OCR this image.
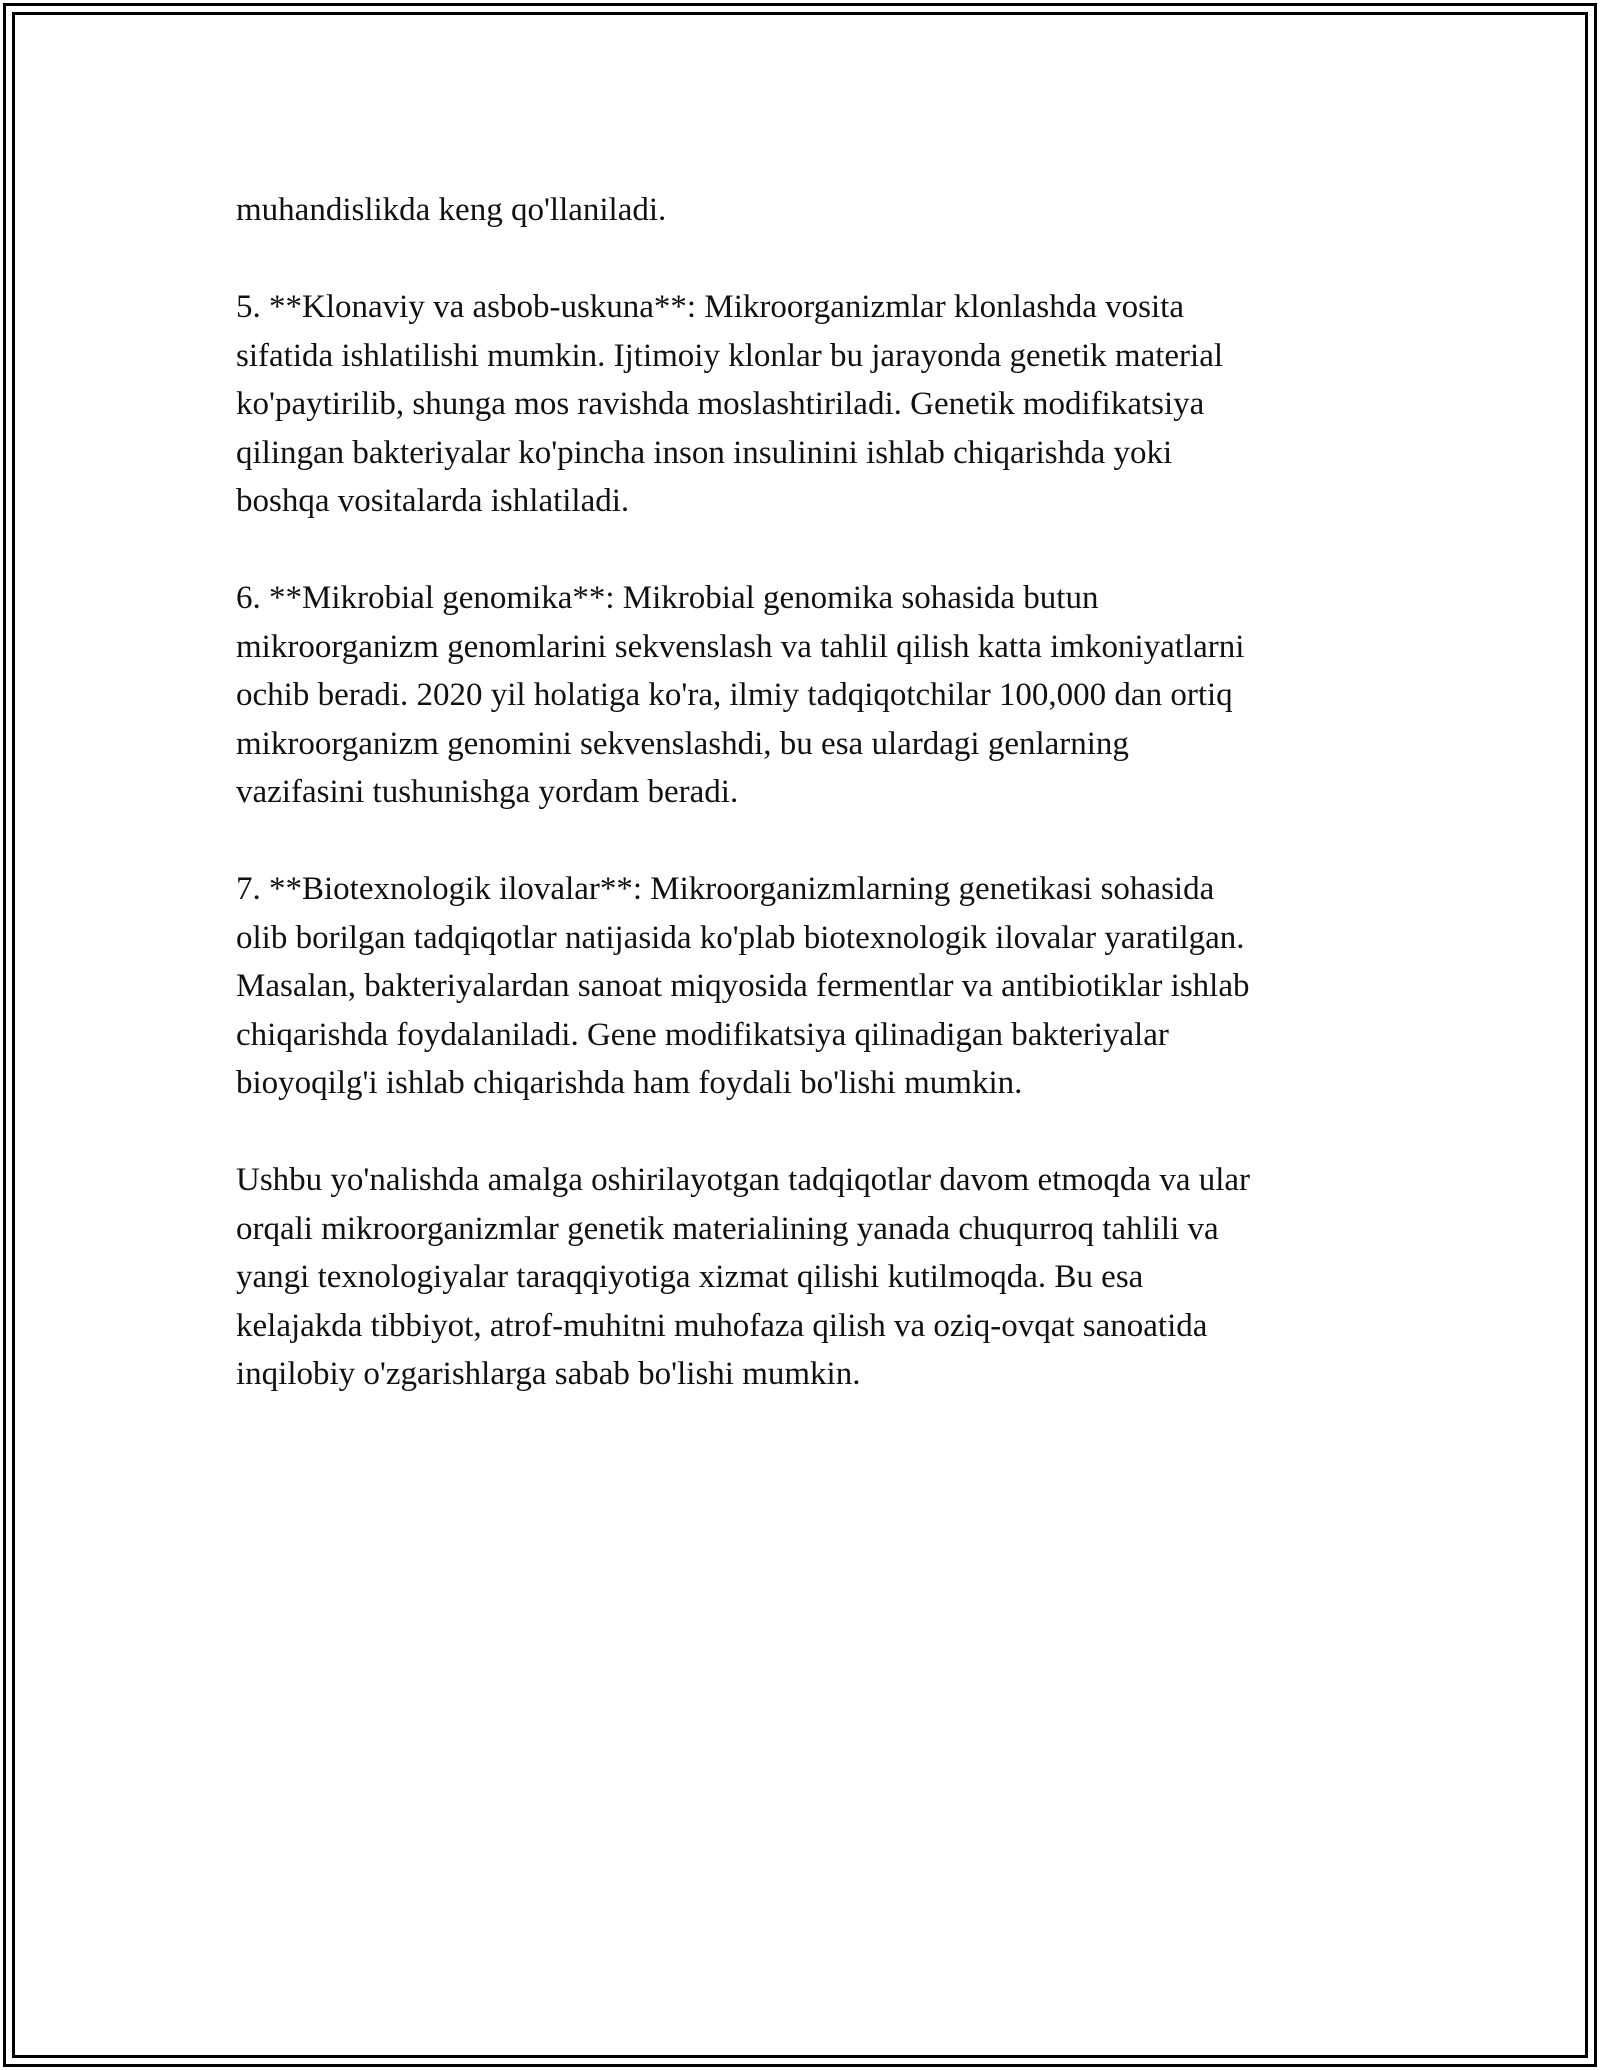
muhandislikda keng qo'llaniladi.

5. **Klonaviy va asbob-uskuna**: Mikroorganizmlar klonlashda vosita
sifatida ishlatilishi mumkin. Ijtimoiy klonlar bu jarayonda genetik material
ko'paytirilib, shunga mos ravishda moslashtiriladi. Genetik modifikatsiya
qilingan bakteriyalar ko'pincha inson insulinini ishlab chiqarishda yoki
boshqa vositalarda ishlatiladi.

6. **Mikrobial genomika**: Mikrobial genomika sohasida butun
mikroorganizm genomlarini sekvenslash va tahlil qilish katta imkoniyatlarni
ochib beradi. 2020 yil holatiga ko'ra, ilmiy tadqiqotchilar 100,000 dan ortiq
mikroorganizm genomini sekvenslashdi, bu esa ulardagi genlarning
vazifasini tushunishga yordam beradi.

7. **Biotexnologik ilovalar**: Mikroorganizmlarning genetikasi sohasida
olib borilgan tadqiqotlar natijasida ko'plab biotexnologik ilovalar yaratilgan.
Masalan, bakteriyalardan sanoat miqyosida fermentlar va antibiotiklar ishlab
chiqarishda foydalaniladi. Gene modifikatsiya qilinadigan bakteriyalar
bioyoqilg'i ishlab chiqarishda ham foydali bo'lishi mumkin.

Ushbu yo'nalishda amalga oshirilayotgan tadqiqotlar davom etmoqda va ular
orqali mikroorganizmlar genetik materialining yanada chuqurroq tahlili va
yangi texnologiyalar taraqqiyotiga xizmat qilishi kutilmoqda. Bu esa
kelajakda tibbiyot, atrof-muhitni muhofaza qilish va oziq-ovqat sanoatida
inqilobiy o'zgarishlarga sabab bo'lishi mumkin.
